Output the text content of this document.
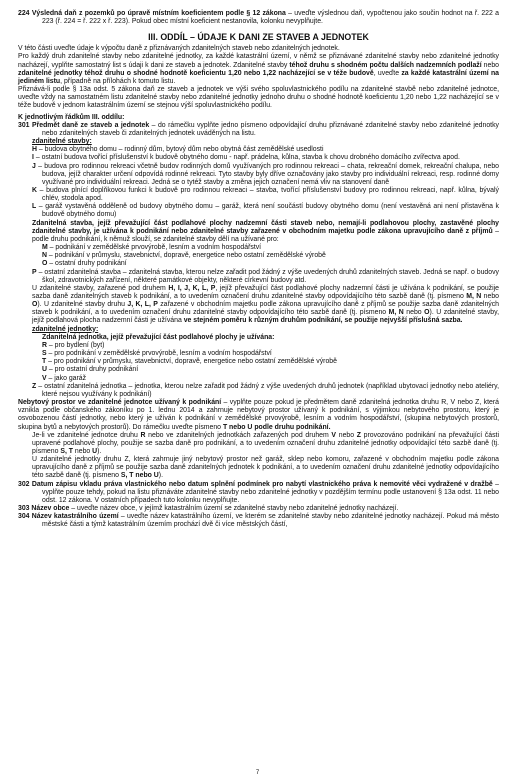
224 Výsledná daň z pozemků po úpravě místním koeficientem podle § 12 zákona – uveďte výslednou daň, vypočtenou jako součin hodnot na ř. 222 a 223 (ř. 224 = ř. 222 x ř. 223). Pokud obec místní koeficient nestanovila, kolonku nevyplňujte.

III. ODDÍL – ÚDAJE K DANI ZE STAVEB A JEDNOTEK

V této části uveďte údaje k výpočtu daně z přiznávaných zdanitelných staveb nebo zdanitelných jednotek.

Pro každý druh zdanitelné stavby nebo zdanitelné jednotky, za každé katastrální území, v němž se přiznávané zdanitelné stavby nebo zdanitelné jednotky nacházejí, vyplňte samostatný list s údaji k dani ze staveb a jednotek. Zdanitelné stavby téhož druhu s shodném počtu dalších nadzemních podlaží nebo zdanitelné jednotky téhož druhu o shodné hodnotě koeficientu 1,20 nebo 1,22 nacházející se v téže budově, uveďte za každé katastrální území na jediném listu, případně na přílohách k tomuto listu.

Přiznává-li podle § 13a odst. 5 zákona daň ze staveb a jednotek ve výši svého spoluvlastnického podílu na zdanitelné stavbě nebo zdanitelné jednotce, uveďte vždy na samostatném listu zdanitelné stavby nebo zdanitelné jednotky jednoho druhu o shodné hodnotě koeficientu 1,20 nebo 1,22 nacházející se v téže budově v jednom katastrálním území se stejnou výší spoluvlastnického podílu.

K jednotlivým řádkům III. oddílu:

301 Předmět daně ze staveb a jednotek – do rámečku vyplňte jedno písmeno odpovídající druhu přiznávané zdanitelné stavby nebo zdanitelné jednotky nebo zdanitelných staveb či zdanitelných jednotek uváděných na listu.

zdanitelné stavby:

H – budova obytného domu – rodinný dům, bytový dům nebo obytná část zemědělské usedlosti

I – ostatní budova tvořící příslušenství k budově obytného domu - např. prádelna, kůlna, stavba k chovu drobného domácího zvířectva apod.

J – budova pro rodinnou rekreaci včetně budov rodinných domů využívaných pro rodinnou rekreaci – chata, rekreační domek, rekreační chalupa, nebo budova, jejíž charakter určení odpovídá rodinné rekreaci. Tyto stavby byly dříve označovány jako stavby pro individuální rekreaci, resp. rodinné domy využívané pro individuální rekreaci. Jedná se o tytéž stavby a změna jejich označení nemá vliv na stanovení daně

K – budova plnící doplňkovou funkci k budově pro rodinnou rekreaci – stavba, tvořící příslušenství budovy pro rodinnou rekreaci, např. kůlna, bývalý chlév, stodola apod.

L – garáž vystavěná odděleně od budovy obytného domu – garáž, která není součástí budovy obytného domu (není vestavěná ani není přistavěna k budově obytného domu)

Zdanitelná stavba, jejíž převažující část podlahové plochy nadzemní části staveb nebo, nemají-li podlahovou plochy, zastavěné plochy zdanitelné stavby, je užívána k podnikání nebo zdanitelné stavby zařazené v obchodním majetku podle zákona upravujícího daně z příjmů – podle druhu podnikání, k němuž slouží, se zdanitelné stavby dělí na užívané pro:

M – podnikání v zemědělské prvovýrobě, lesním a vodním hospodářství

N – podnikání v průmyslu, stavebnictví, dopravě, energetice nebo ostatní zemědělské výrobě

O – ostatní druhy podnikání

P – ostatní zdanitelná stavba – zdanitelná stavba, kterou nelze zařadit pod žádný z výše uvedených druhů zdanitelných staveb. Jedná se např. o budovy škol, zdravotnických zařízení, některé památkové objekty, některé církevní budovy atd.

U zdanitelné stavby, zařazené pod druhem H, I, J, K, L, P, jejíž převažující část podlahové plochy nadzemní části je užívána k podnikání, se použije sazba daně zdanitelných staveb k podnikání, a to uvedením označení druhu zdanitelné stavby odpovídajícího této sazbě daně (tj. písmeno M, N nebo O). U zdanitelné stavby druhu J, K, L, P zařazené v obchodním majetku podle zákona upravujícího daně z příjmů se použije sazba daně zdanitelných staveb k podnikání, a to uvedením označení druhu zdanitelné stavby odpovídajícího této sazbě daně (tj. písmeno M, N nebo O). U zdanitelné stavby, jejíž podlahová plocha nadzemní části je užívána ve stejném poměru k různým druhům podnikání, se použije nejvyšší příslušná sazba.

zdanitelné jednotky:

Zdanitelná jednotka, jejíž převažující část podlahové plochy je užívána:

R – pro bydlení (byt)

S – pro podnikání v zemědělské prvovýrobě, lesním a vodním hospodářství

T – pro podnikání v průmyslu, stavebnictví, dopravě, energetice nebo ostatní zemědělské výrobě

U – pro ostatní druhy podnikání

V – jako garáž

Z – ostatní zdanitelná jednotka – jednotka, kterou nelze zařadit pod žádný z výše uvedených druhů jednotek (například ubytovací jednotky nebo ateliéry, které nejsou využívány k podnikání)

Nebytový prostor ve zdanitelné jednotce užívaný k podnikání – vyplňte pouze pokud je předmětem daně zdanitelná jednotka druhu R, V nebo Z, která vznikla podle občanského zákoníku po 1. lednu 2014 a zahrnuje nebytový prostor užívaný k podnikání, s výjimkou nebytového prostoru, který je osvobozenou částí jednotky, nebo který je užíván k podnikání v zemědělské prvovýrobě, lesním a vodním hospodářství, (skupina nebytových prostorů, skupina bytů a nebytových prostorů). Do rámečku uveďte písmeno T nebo U podle druhu podnikání.

Je-li ve zdanitelné jednotce druhu R nebo ve zdanitelných jednotkách zařazených pod druhem V nebo Z provozováno podnikání na převažující části upravené podlahové plochy, použije se sazba daně pro podnikání, a to uvedením označení druhu zdanitelné jednotky odpovídající této sazbě daně (tj. písmeno S, T nebo U).

U zdanitelné jednotky druhu Z, která zahrnuje jiný nebytový prostor než garáž, sklep nebo komoru, zařazené v obchodním majetku podle zákona upravujícího daně z příjmů se použije sazba daně zdanitelných jednotek k podnikání, a to uvedením označení druhu zdanitelné jednotky odpovídajícího této sazbě daně (tj. písmeno S, T nebo U).

302 Datum zápisu vkladu práva vlastnického nebo datum splnění podmínek pro nabytí vlastnického práva k nemovité věci vydražené v dražbě – vyplňte pouze tehdy, pokud na listu přiznáváte zdanitelné stavby nebo zdanitelné jednotky v pozdějším termínu podle ustanovení § 13a odst. 11 nebo odst. 12 zákona. V ostatních případech tuto kolonku nevyplňujte.

303 Název obce – uveďte název obce, v jejímž katastrálním území se zdanitelné stavby nebo zdanitelné jednotky nacházejí.

304 Název katastrálního území – uveďte název katastrálního území, ve kterém se zdanitelné stavby nebo zdanitelné jednotky nacházejí. Pokud má město městské části a týmž katastrálním územím prochází dvě či více městských částí,

7
